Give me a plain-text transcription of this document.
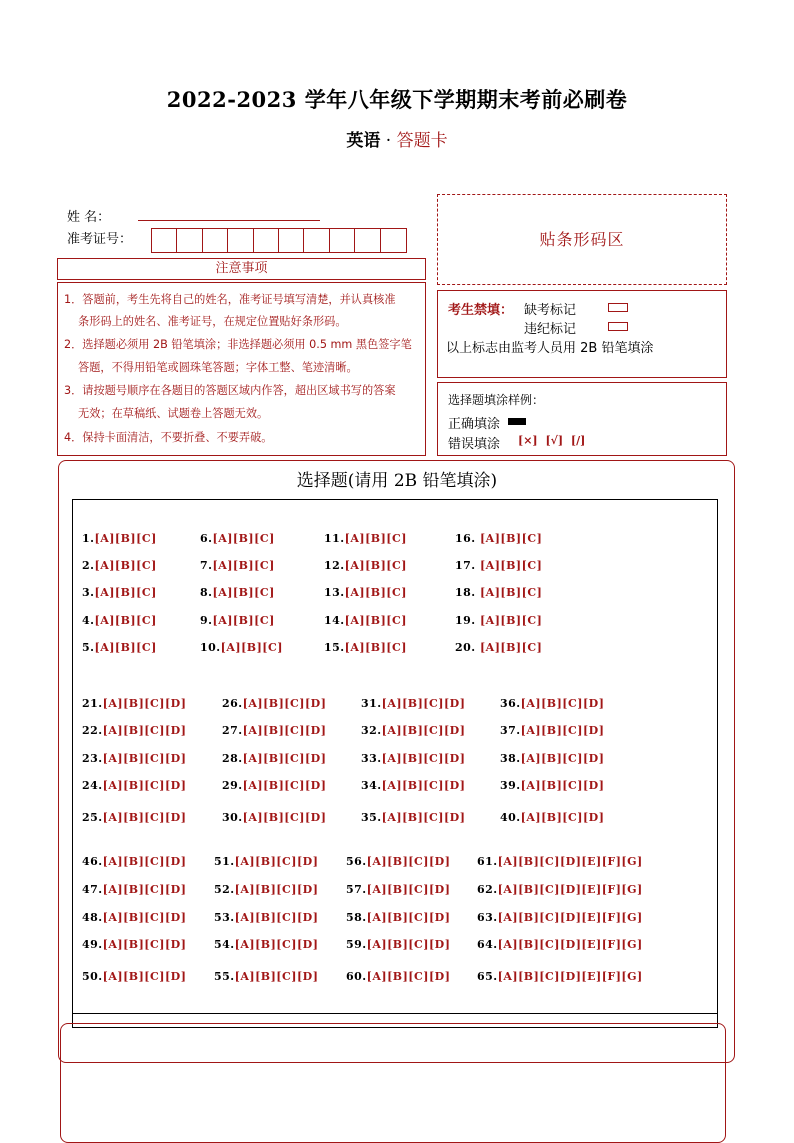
2022-2023 学年八年级下学期期末考前必刷卷
英语 · 答题卡
姓 名：
准考证号：	贴条形码区
注意事项
1．答题前，考生先将自己的姓名，准考证号填写清楚，并认真核准
条形码上的姓名、准考证号，在规定位置贴好条形码。
2．选择题必须用 2B 铅笔填涂；非选择题必须用 0.5 mm 黑色签字笔
答题，不得用铅笔或圆珠笔答题；字体工整、笔迹清晰。
3．请按题号顺序在各题目的答题区域内作答，超出区域书写的答案
无效；在草稿纸、试题卷上答题无效。
4．保持卡面清洁，不要折叠、不要弄破。
考生禁填： 缺考标记
违纪标记
以上标志由监考人员用 2B 铅笔填涂
选择题填涂样例：
正确填涂
错误填涂 [×] [√] [/]
选择题(请用 2B 铅笔填涂)
1.[A][B][C]
2.[A][B][C]
3.[A][B][C]
4.[A][B][C]
5.[A][B][C]
6.[A][B][C]
7.[A][B][C]
8.[A][B][C]
9.[A][B][C]
10.[A][B][C]
11.[A][B][C]
12.[A][B][C]
13.[A][B][C]
14.[A][B][C]
15.[A][B][C]
16. [A][B][C]
17. [A][B][C]
18. [A][B][C]
19. [A][B][C]
20. [A][B][C]
21.[A][B][C][D]
22.[A][B][C][D]
23.[A][B][C][D]
24.[A][B][C][D]
25.[A][B][C][D]
26.[A][B][C][D]
27.[A][B][C][D]
28.[A][B][C][D]
29.[A][B][C][D]
30.[A][B][C][D]
31.[A][B][C][D]
32.[A][B][C][D]
33.[A][B][C][D]
34.[A][B][C][D]
35.[A][B][C][D]
36.[A][B][C][D]
37.[A][B][C][D]
38.[A][B][C][D]
39.[A][B][C][D]
40.[A][B][C][D]
46.[A][B][C][D]
47.[A][B][C][D]
48.[A][B][C][D]
49.[A][B][C][D]
50.[A][B][C][D]
51.[A][B][C][D]
52.[A][B][C][D]
53.[A][B][C][D]
54.[A][B][C][D]
55.[A][B][C][D]
56.[A][B][C][D]
57.[A][B][C][D]
58.[A][B][C][D]
59.[A][B][C][D]
60.[A][B][C][D]
61.[A][B][C][D][E][F][G]
62.[A][B][C][D][E][F][G]
63.[A][B][C][D][E][F][G]
64.[A][B][C][D][E][F][G]
65.[A][B][C][D][E][F][G]
